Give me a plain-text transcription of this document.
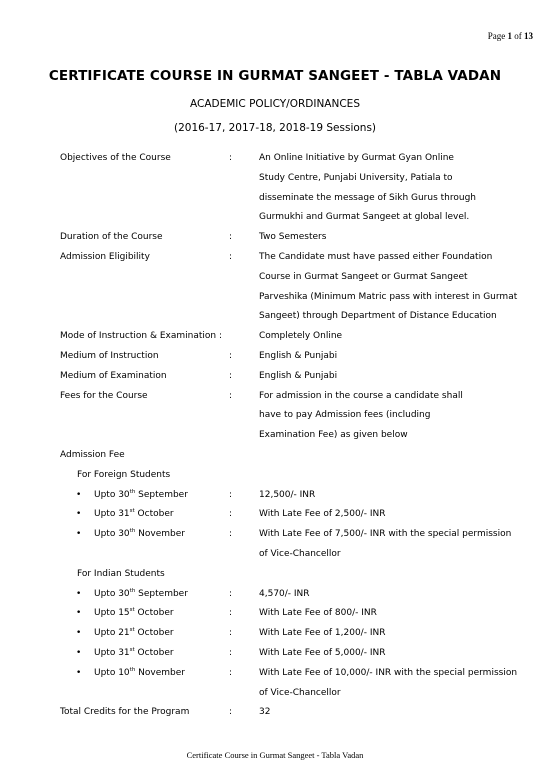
Page 1 of 13
CERTIFICATE COURSE IN GURMAT SANGEET - TABLA VADAN
ACADEMIC POLICY/ORDINANCES
(2016-17, 2017-18, 2018-19 Sessions)
Objectives of the Course	:	An Online Initiative by Gurmat Gyan Online
Study Centre, Punjabi University, Patiala to
disseminate the message of Sikh Gurus through
Gurmukhi and Gurmat Sangeet at global level.
Duration of the Course	:	Two Semesters
Admission Eligibility	:	The Candidate must have passed either Foundation
Course in Gurmat Sangeet or Gurmat Sangeet
Parveshika (Minimum Matric pass with interest in Gurmat
Sangeet) through Department of Distance Education
Mode of Instruction & Examination :	Completely Online
Medium of Instruction	:	English & Punjabi
Medium of Examination	:	English & Punjabi
Fees for the Course	:	For admission in the course a candidate shall
have to pay Admission fees (including
Examination Fee) as given below
Admission Fee
For Foreign Students
• Upto 30th September	:	12,500/- INR
• Upto 31st October	:	With Late Fee of 2,500/- INR
• Upto 30th November	:	With Late Fee of 7,500/- INR with the special permission
of Vice-Chancellor
For Indian Students
• Upto 30th September	:	4,570/- INR
• Upto 15st October	:	With Late Fee of 800/- INR
• Upto 21st October	:	With Late Fee of 1,200/- INR
• Upto 31st October	:	With Late Fee of 5,000/- INR
• Upto 10th November	:	With Late Fee of 10,000/- INR with the special permission
of Vice-Chancellor
Total Credits for the Program	:	32
Certificate Course in Gurmat Sangeet - Tabla Vadan
